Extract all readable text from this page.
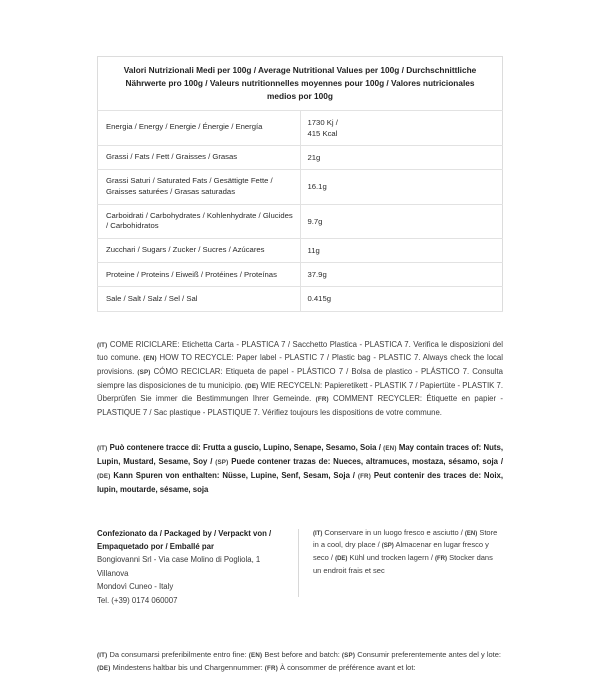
Valori Nutrizionali Medi per 100g / Average Nutritional Values per 100g / Durchschnittliche Nährwerte pro 100g / Valeurs nutritionnelles moyennes pour 100g / Valores nutricionales medios por 100g	
Energia / Energy / Energie / Énergie / Energía	1730 Kj /
415 Kcal

Grassi / Fats / Fett / Graisses / Grasas	21g
Grassi Saturi / Saturated Fats / Gesättigte Fette / Graisses saturées / Grasas saturadas	16.1g
Carboidrati / Carbohydrates / Kohlenhydrate / Glucides / Carbohidratos	9.7g
Zucchari / Sugars / Zucker / Sucres / Azúcares	11g
Proteine / Proteins / Eiweiß / Protéines / Proteínas	37.9g
Sale / Salt / Salz / Sel / Sal	0.415g

(IT) COME RICICLARE: Etichetta Carta - PLASTICA 7 / Sacchetto Plastica - PLASTICA 7. Verifica le disposizioni del tuo comune. (EN) HOW TO RECYCLE: Paper label - PLASTIC 7 / Plastic bag - PLASTIC 7. Always check the local provisions. (SP) CÓMO RECICLAR: Etiqueta de papel - PLÁSTICO 7 / Bolsa de plastico - PLÁSTICO 7. Consulta siempre las disposiciones de tu municipio. (DE) WIE RECYCELN: Papieretikett - PLASTIK 7 / Papiertüte - PLASTIK 7. Überprüfen Sie immer die Bestimmungen Ihrer Gemeinde. (FR) COMMENT RECYCLER: Étiquette en papier - PLASTIQUE 7 / Sac plastique - PLASTIQUE 7. Vérifiez toujours les dispositions de votre commune.

(IT) Può contenere tracce di: Frutta a guscio, Lupino, Senape, Sesamo, Soia / (EN) May contain traces of: Nuts, Lupin, Mustard, Sesame, Soy / (SP) Puede contener trazas de: Nueces, altramuces, mostaza, sésamo, soja / (DE) Kann Spuren von enthalten: Nüsse, Lupine, Senf, Sesam, Soja / (FR) Peut contenir des traces de: Noix, lupin, moutarde, sésame, soja

Confezionato da / Packaged by / Verpackt von /
Empaquetado por / Emballé par

Bongiovanni Srl - Via case Molino di Pogliola, 1 Villanova
Mondovì Cuneo - Italy
Tel. (+39) 0174 060007

(IT) Conservare in un luogo fresco e asciutto / (EN) Store in a cool, dry place / (SP) Almacenar en lugar fresco y seco / (DE) Kühl und trocken lagern / (FR) Stocker dans un endroit frais et sec

(IT) Da consumarsi preferibilmente entro fine: (EN) Best before and batch: (SP) Consumir preferentemente antes del y lote: (DE) Mindestens haltbar bis und Chargennummer: (FR) À consommer de préférence avant et lot:
